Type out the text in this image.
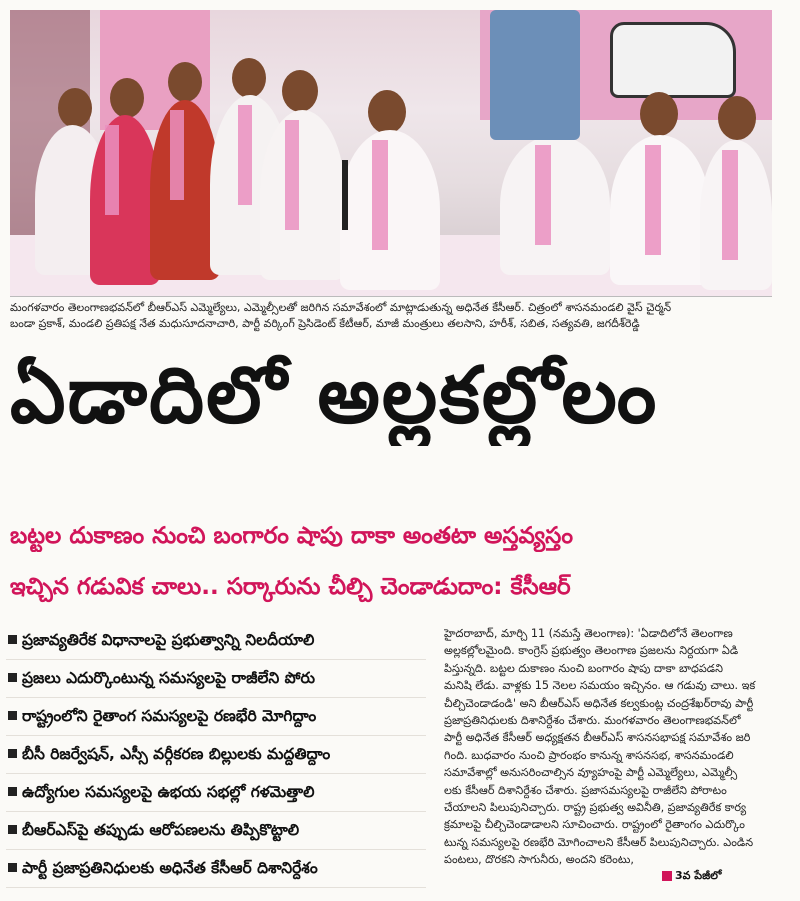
మంగళవారం తెలంగాణభవన్‌లో బీఆర్‌ఎస్ ఎమ్మెల్యేలు, ఎమ్మెల్సీలతో జరిగిన సమావేశంలో మాట్లాడుతున్న అధినేత కేసీఆర్. చిత్రంలో శాసనమండలి వైస్ చైర్మన్
బండా ప్రకాశ్, మండలి ప్రతిపక్ష నేత మధుసూదనాచారి, పార్టీ వర్కింగ్ ప్రెసిడెంట్ కేటీఆర్, మాజీ మంత్రులు తలసాని, హరీశ్, సబిత, సత్యవతి, జగదీశ్‌రెడ్డి
ఏడాదిలో అల్లకల్లోలం
బట్టల దుకాణం నుంచి బంగారం షాపు దాకా అంతటా అస్తవ్యస్తం
ఇచ్చిన గడువిక చాలు.. సర్కారును చీల్చి చెండాడుదాం: కేసీఆర్
ప్రజావ్యతిరేక విధానాలపై ప్రభుత్వాన్ని నిలదీయాలి
ప్రజలు ఎదుర్కొంటున్న సమస్యలపై రాజీలేని పోరు
రాష్ట్రంలోని రైతాంగ సమస్యలపై రణభేరి మోగిద్దాం
బీసీ రిజర్వేషన్, ఎస్సీ వర్గీకరణ బిల్లులకు మద్దతిద్దాం
ఉద్యోగుల సమస్యలపై ఉభయ సభల్లో గళమెత్తాలి
బీఆర్‌ఎస్‌పై తప్పుడు ఆరోపణలను తిప్పికొట్టాలి
పార్టీ ప్రజాప్రతినిధులకు అధినేత కేసీఆర్ దిశానిర్దేశం
హైదరాబాద్, మార్చి 11 (నమస్తే తెలంగాణ): 'ఏడాదిలోనే తెలంగాణ
అల్లకల్లోలమైంది. కాంగ్రెస్ ప్రభుత్వం తెలంగాణ ప్రజలను నిర్దయగా ఏడి
పిస్తున్నది. బట్టల దుకాణం నుంచి బంగారం షాపు దాకా బాధపడని
మనిషి లేడు. వాళ్లకు 15 నెలల సమయం ఇచ్చినం. ఆ గడువు చాలు. ఇక
చీల్చిచెండాడండి' అని బీఆర్‌ఎస్ అధినేత కల్వకుంట్ల చంద్రశేఖర్‌రావు పార్టీ
ప్రజాప్రతినిధులకు దిశానిర్దేశం చేశారు. మంగళవారం తెలంగాణభవన్‌లో
పార్టీ అధినేత కేసీఆర్ అధ్యక్షతన బీఆర్‌ఎస్ శాసనసభాపక్ష సమావేశం జరి
గింది. బుధవారం నుంచి ప్రారంభం కానున్న శాసనసభ, శాసనమండలి
సమావేశాల్లో అనుసరించాల్సిన వ్యూహంపై పార్టీ ఎమ్మెల్యేలు, ఎమ్మెల్సీ
లకు కేసీఆర్ దిశానిర్దేశం చేశారు. ప్రజాసమస్యలపై రాజీలేని పోరాటం
చేయాలని పిలుపునిచ్చారు. రాష్ట్ర ప్రభుత్వ అవినీతి, ప్రజావ్యతిరేక కార్య
క్రమాలపై చీల్చిచెండాడాలని సూచించారు. రాష్ట్రంలో రైతాంగం ఎదుర్కొం
టున్న సమస్యలపై రణభేరి మోగించాలని కేసీఆర్ పిలుపునిచ్చారు. ఎండిన
పంటలు, దొరకని సాగునీరు, అందని కరెంటు,
3వ పేజీలో
